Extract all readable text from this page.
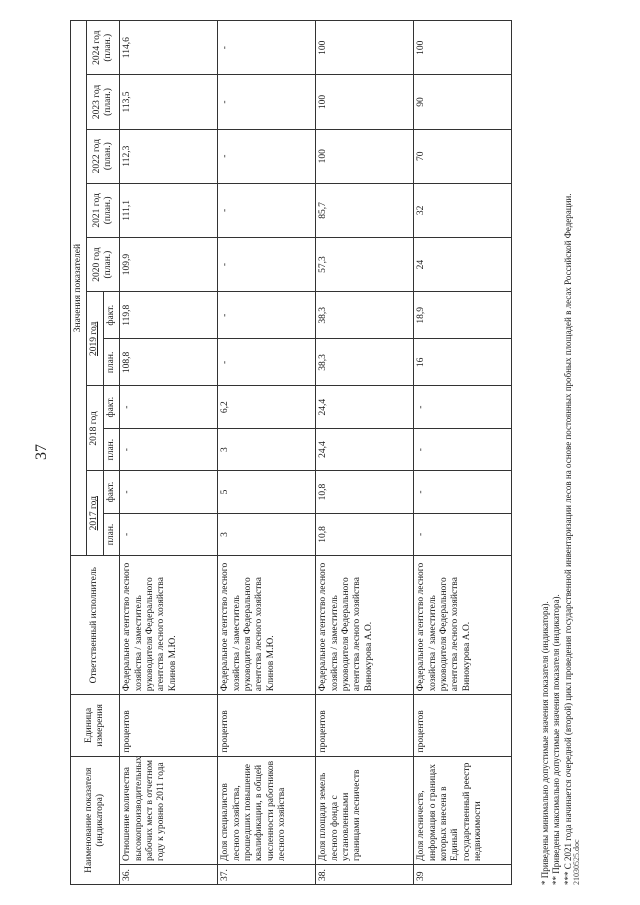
37
Наименование показателя (индикатора)		Единица измерения	Ответственный исполнитель	Значения показателей										
				2017 год		2018 год		2019 год		2020 год (план.)	2021 год (план.)	2022 год (план.)	2023 год (план.)	2024 год (план.)
				план.	факт.	план.	факт.	план.	факт.					
36.	Отношение количества высокопроизводительных рабочих мест в отчетном году к уровню 2011 года	процентов	Федеральное агентство лесного хозяйства / заместитель руководителя Федерального агентства лесного хозяйства Клинов М.Ю.	-	-	-	-	108,8	119,8	109,9	111,1	112,3	113,5	114,6
37.	Доля специалистов лесного хозяйства, прошедших повышение квалификации, в общей численности работников лесного хозяйства	процентов	Федеральное агентство лесного хозяйства / заместитель руководителя Федерального агентства лесного хозяйства Клинов М.Ю.	3	5	3	6,2	-	-	-	-	-	-	-
38.	Доля площади земель лесного фонда с установленными границами лесничеств	процентов	Федеральное агентство лесного хозяйства / заместитель руководителя Федерального агентства лесного хозяйства Винокурова А.О.	10,8	10,8	24,4	24,4	38,3	38,3	57,3	85,7	100	100	100
39	Доля лесничеств, информация о границах которых внесена в Единый государственный реестр недвижимости	процентов	Федеральное агентство лесного хозяйства / заместитель руководителя Федерального агентства лесного хозяйства Винокурова А.О.	-	-	-	-	16	18,9	24	32	70	90	100
* Приведены минимально допустимые значения показателя (индикатора). ** Приведены максимально допустимые значения показателя (индикатора). *** С 2021 года начинается очередной (второй) цикл проведения государственной инвентаризации лесов на основе постоянных пробных площадей в лесах Российской Федерации. 21030525.doc
